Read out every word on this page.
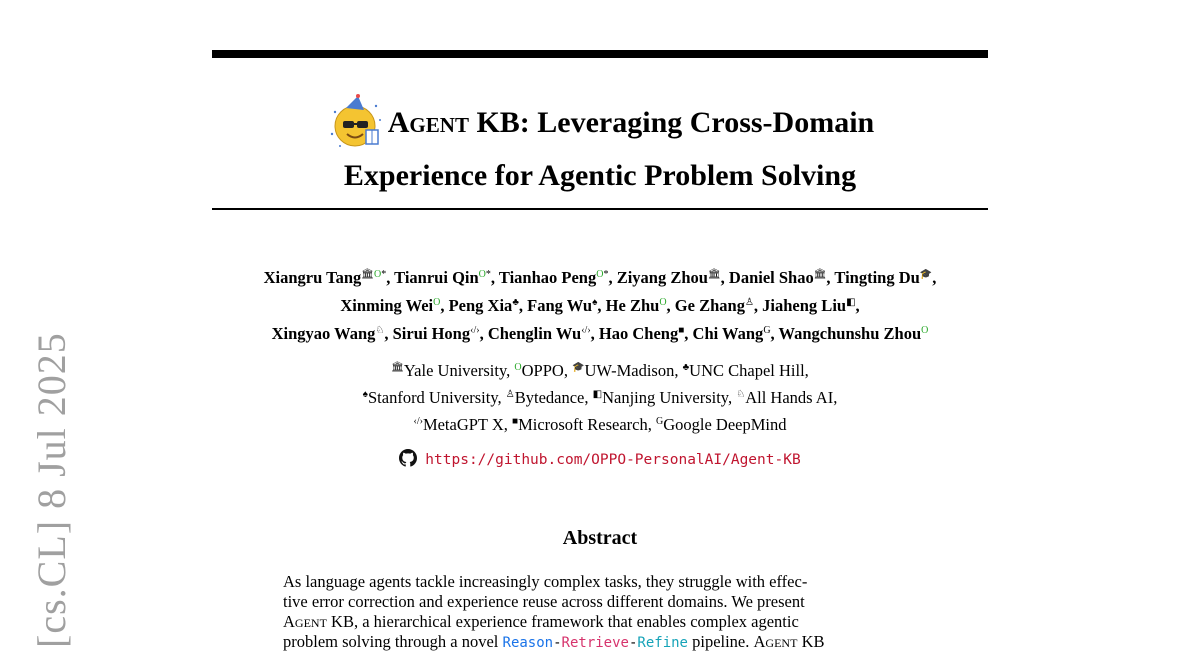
[cs.CL] 8 Jul 2025
Agent KB: Leveraging Cross-Domain
Experience for Agentic Problem Solving
Xiangru Tang$^{🏛O*}$, Tianrui Qin$^{O*}$, Tianhao Peng$^{O*}$, Ziyang Zhou🏛, Daniel Shao🏛, Tingting Du🎓,
Xinming Wei$^O$, Peng Xia♣, Fang Wu♠, He Zhu$^O$, Ge Zhang♙, Jiaheng Liu◧,
Xingyao Wang♘, Sirui Hong‹/›, Chenglin Wu‹/›, Hao Cheng■, Chi Wang$^G$, Wangchunshu Zhou$^O$
🏛Yale University, $^O$OPPO, 🎓UW-Madison, ♣UNC Chapel Hill,
♠Stanford University, ♙Bytedance, ◧Nanjing University, ♘All Hands AI,
‹/›MetaGPT X, ■Microsoft Research, $^G$Google DeepMind
https://github.com/OPPO-PersonalAI/Agent-KB
Abstract
As language agents tackle increasingly complex tasks, they struggle with effec-
tive error correction and experience reuse across different domains. We present
Agent KB, a hierarchical experience framework that enables complex agentic
problem solving through a novel Reason-Retrieve-Refine pipeline. Agent KB
